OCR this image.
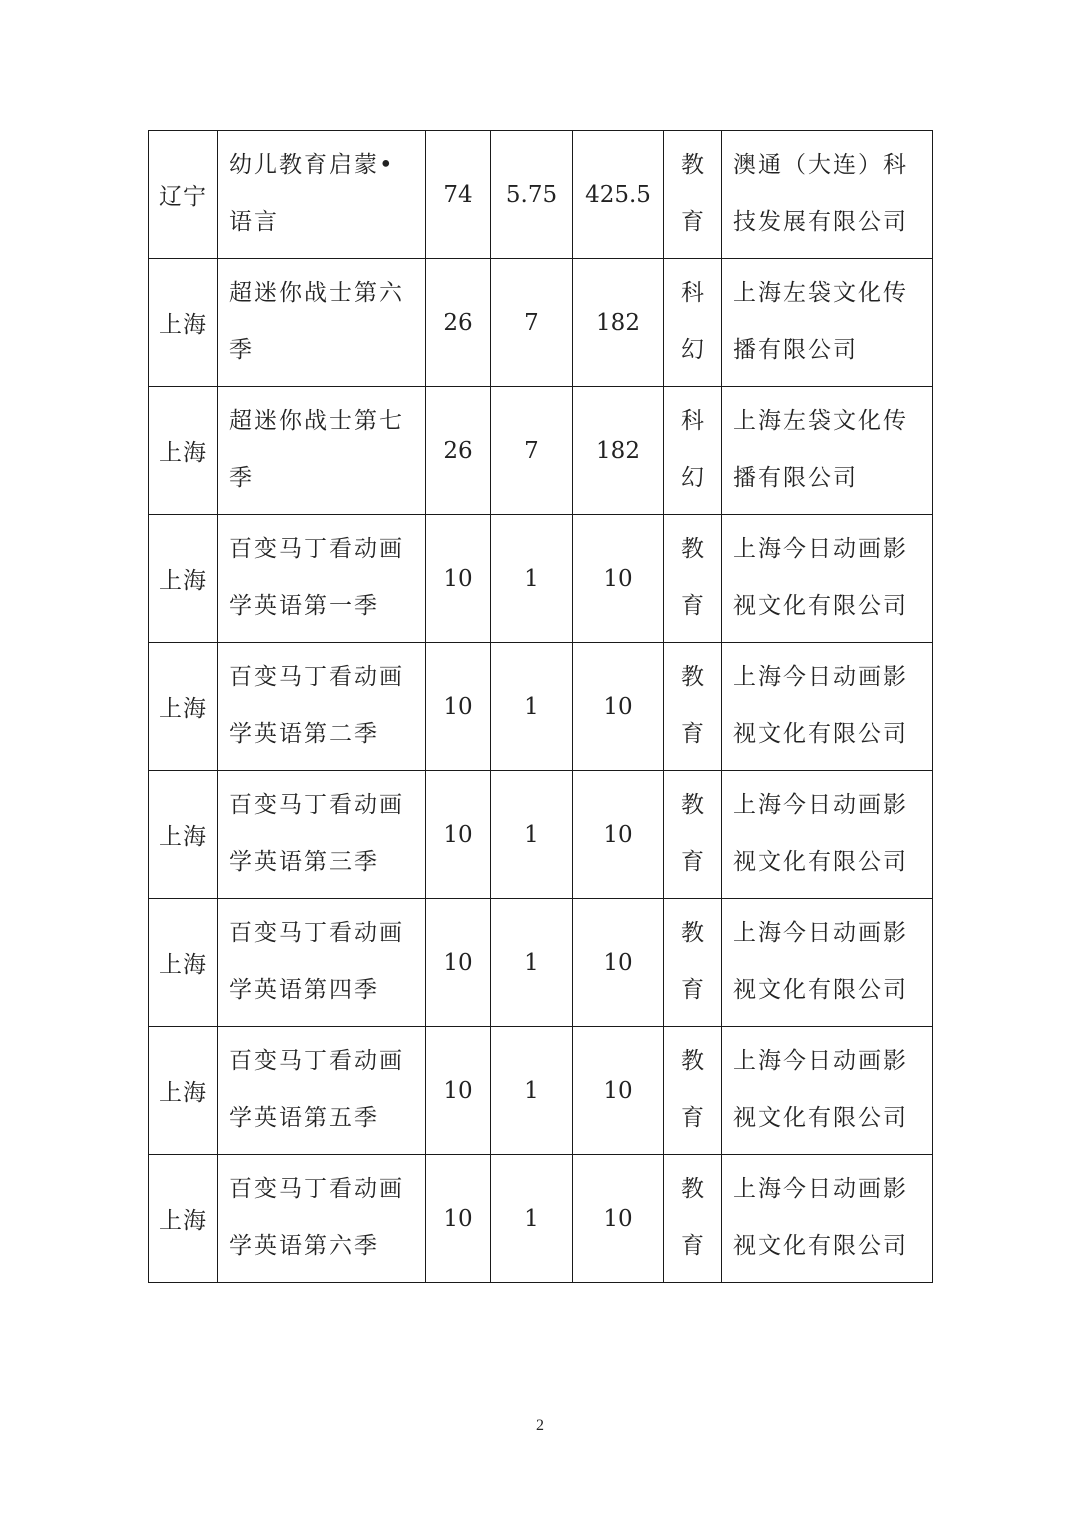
辽宁	幼儿教育启蒙•语言	74	5.75	425.5	教育	澳通（大连）科技发展有限公司

上海	超迷你战士第六季	26	7	182	科幻	上海左袋文化传播有限公司

上海	超迷你战士第七季	26	7	182	科幻	上海左袋文化传播有限公司

上海	百变马丁看动画学英语第一季	10	1	10	教育	上海今日动画影视文化有限公司

上海	百变马丁看动画学英语第二季	10	1	10	教育	上海今日动画影视文化有限公司

上海	百变马丁看动画学英语第三季	10	1	10	教育	上海今日动画影视文化有限公司

上海	百变马丁看动画学英语第四季	10	1	10	教育	上海今日动画影视文化有限公司

上海	百变马丁看动画学英语第五季	10	1	10	教育	上海今日动画影视文化有限公司

上海	百变马丁看动画学英语第六季	10	1	10	教育	上海今日动画影视文化有限公司
2
